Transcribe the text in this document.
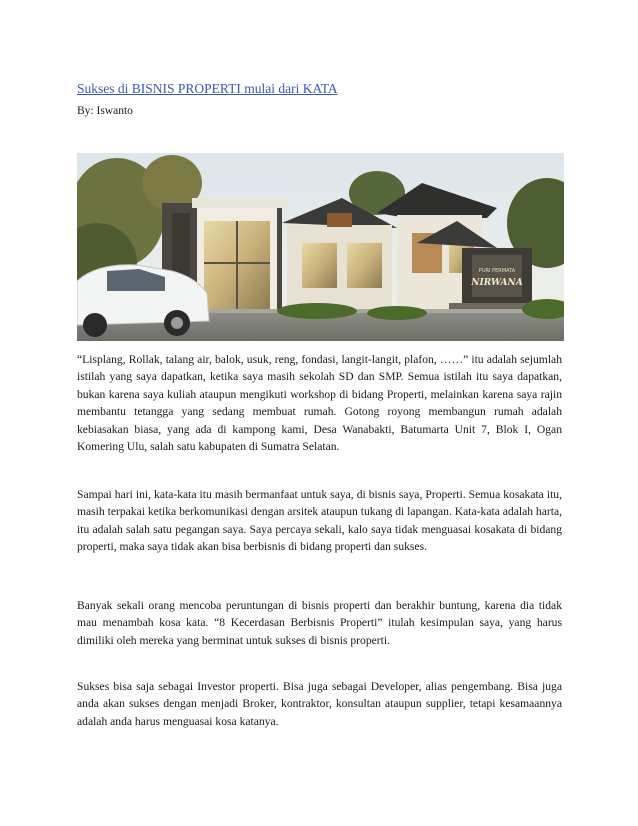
Sukses di BISNIS PROPERTI mulai dari KATA
By: Iswanto
PURI PERMATA
NIRWANA

“Lisplang, Rollak, talang air, balok, usuk, reng, fondasi, langit-langit, plafon, ……” itu adalah sejumlah istilah yang saya dapatkan, ketika saya masih sekolah SD dan SMP. Semua istilah itu saya dapatkan, bukan karena saya kuliah ataupun mengikuti workshop di bidang Properti, melainkan karena saya rajin membantu tetangga yang sedang membuat rumah. Gotong royong membangun rumah adalah kebiasakan biasa, yang ada di kampong kami, Desa Wanabakti, Batumarta Unit 7, Blok I, Ogan Komering Ulu, salah satu kabupaten di Sumatra Selatan.

Sampai hari ini, kata-kata itu masih bermanfaat untuk saya, di bisnis saya, Properti. Semua kosakata itu, masih terpakai ketika berkomunikasi dengan arsitek ataupun tukang di lapangan. Kata-kata adalah harta, itu adalah salah satu pegangan saya. Saya percaya sekali, kalo saya tidak menguasai kosakata di bidang properti, maka saya tidak akan bisa berbisnis di bidang properti dan sukses.

Banyak sekali orang mencoba peruntungan di bisnis properti dan berakhir buntung, karena dia tidak mau menambah kosa kata. “8 Kecerdasan Berbisnis Properti” itulah kesimpulan saya, yang harus dimiliki oleh mereka yang berminat untuk sukses di bisnis properti.

Sukses bisa saja sebagai Investor properti. Bisa juga sebagai Developer, alias pengembang. Bisa juga anda akan sukses dengan menjadi Broker, kontraktor, konsultan ataupun supplier, tetapi kesamaannya adalah anda harus menguasai kosa katanya.
